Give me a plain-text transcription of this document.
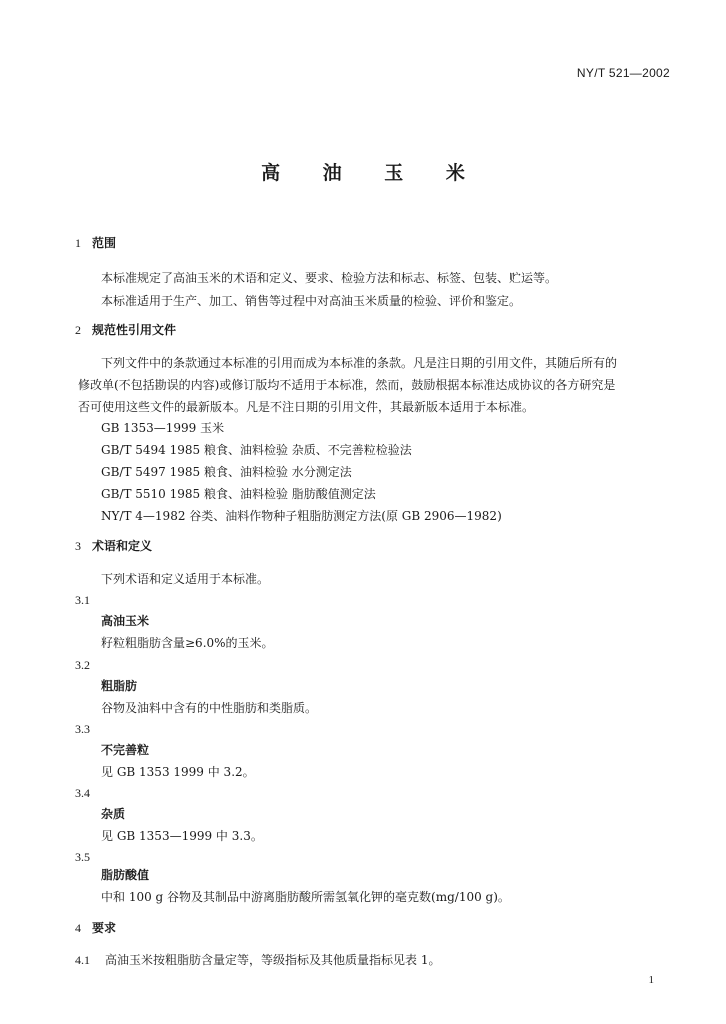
NY/T 521—2002
高 油 玉 米
1 范围
本标准规定了高油玉米的术语和定义、要求、检验方法和标志、标签、包装、贮运等。
本标准适用于生产、加工、销售等过程中对高油玉米质量的检验、评价和鉴定。
2 规范性引用文件
下列文件中的条款通过本标准的引用而成为本标准的条款。凡是注日期的引用文件，其随后所有的
修改单(不包括勘误的内容)或修订版均不适用于本标准，然而，鼓励根据本标准达成协议的各方研究是
否可使用这些文件的最新版本。凡是不注日期的引用文件，其最新版本适用于本标准。
GB 1353—1999 玉米
GB/T 5494 1985 粮食、油料检验 杂质、不完善粒检验法
GB/T 5497 1985 粮食、油料检验 水分测定法
GB/T 5510 1985 粮食、油料检验 脂肪酸值测定法
NY/T 4—1982 谷类、油料作物种子粗脂肪测定方法(原 GB 2906—1982)
3 术语和定义
下列术语和定义适用于本标准。
3.1
高油玉米
籽粒粗脂肪含量≥6.0%的玉米。
3.2
粗脂肪
谷物及油料中含有的中性脂肪和类脂质。
3.3
不完善粒
见 GB 1353 1999 中 3.2。
3.4
杂质
见 GB 1353—1999 中 3.3。
3.5
脂肪酸值
中和 100 g 谷物及其制品中游离脂肪酸所需氢氧化钾的毫克数(mg/100 g)。
4 要求
4.1 高油玉米按粗脂肪含量定等，等级指标及其他质量指标见表 1。
1
